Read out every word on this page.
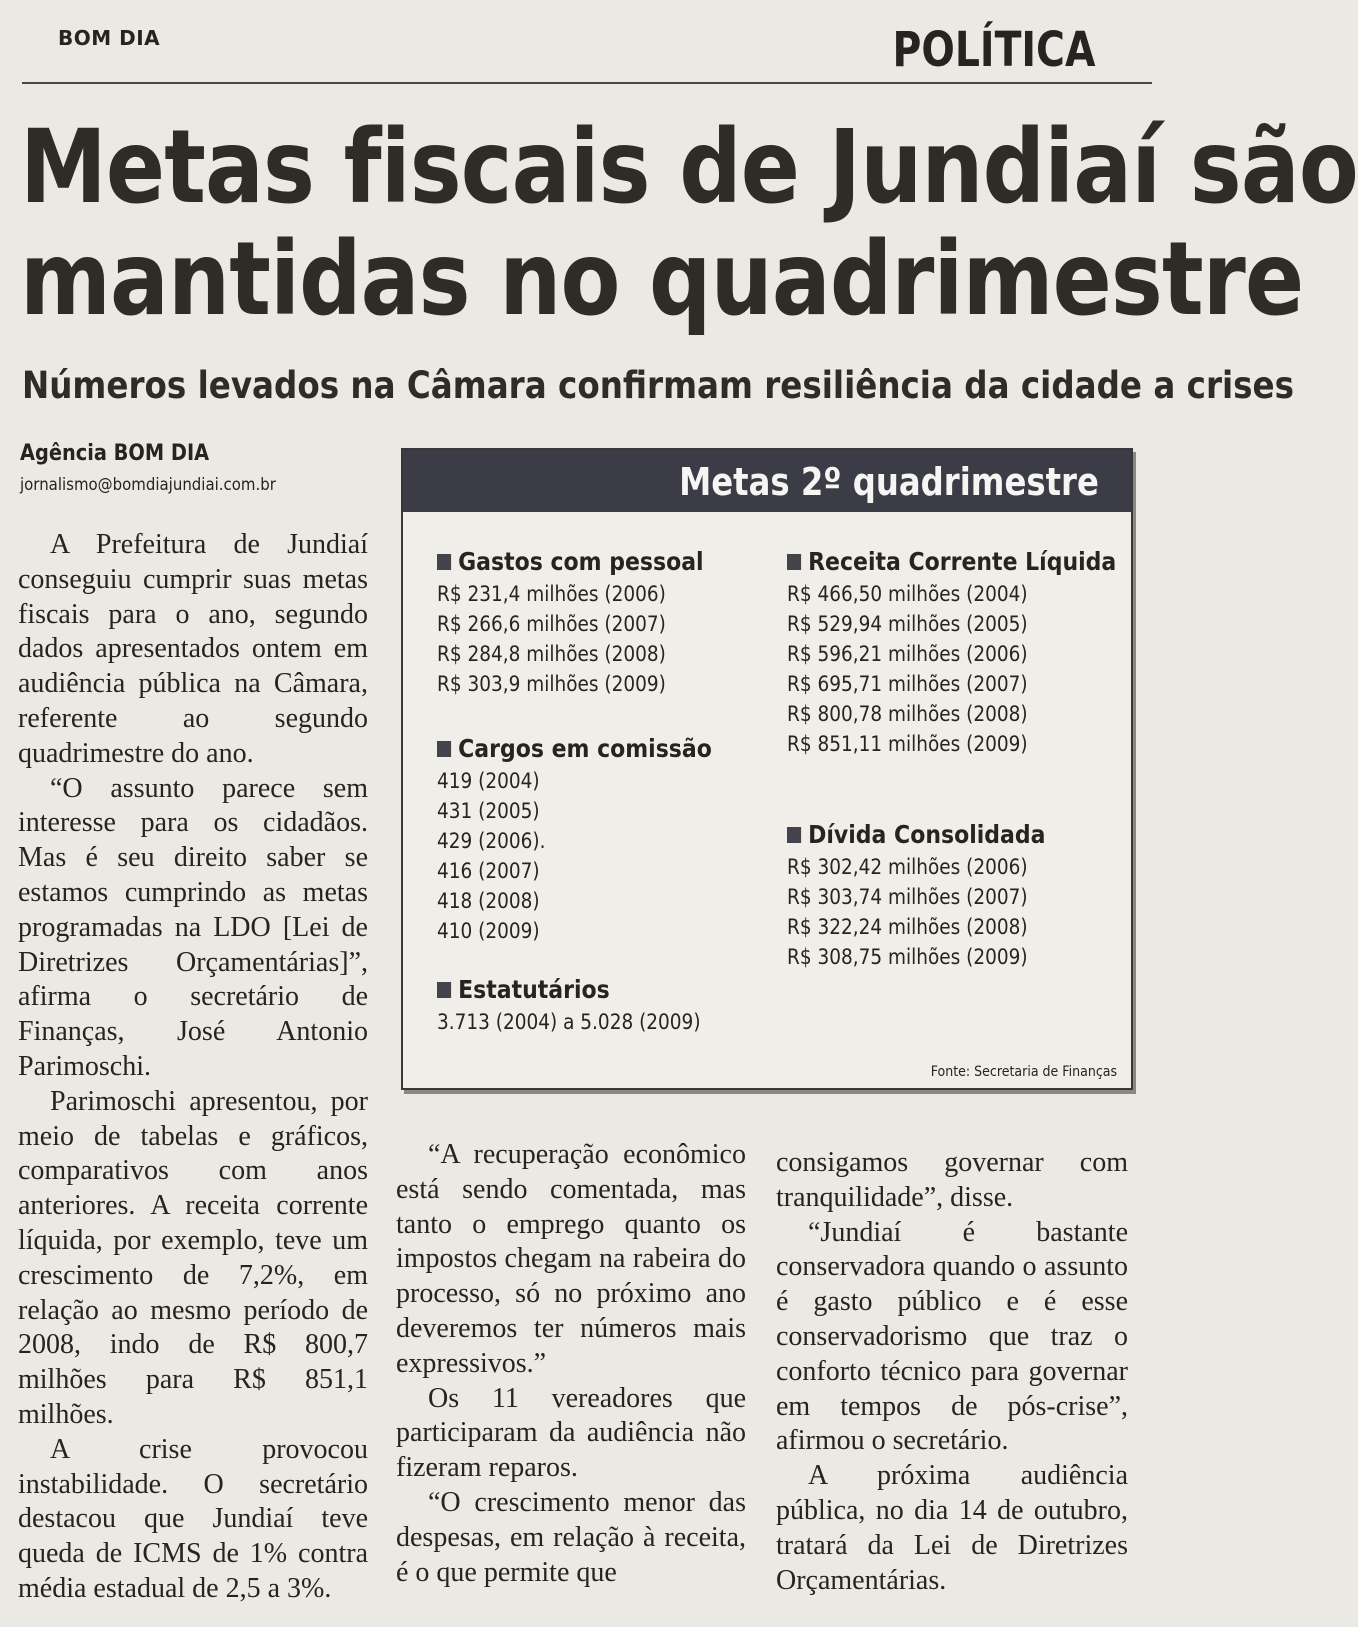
BOM DIA	POLÍTICA
Metas fiscais de Jundiaí são
mantidas no quadrimestre
Números levados na Câmara confirmam resiliência da cidade a crises
Agência BOM DIA
jornalismo@bomdiajundiai.com.br

A Prefeitura de Jundiaí conseguiu cumprir suas metas fiscais para o ano, segundo dados apresentados ontem em audiência pública na Câmara, referente ao segundo quadrimestre do ano.

“O assunto parece sem interesse para os cidadãos. Mas é seu direito saber se estamos cumprindo as metas programadas na LDO [Lei de Diretrizes Orçamentárias]”, afirma o secretário de Finanças, José Antonio Parimoschi.

Parimoschi apresentou, por meio de tabelas e gráficos, comparativos com anos anteriores. A receita corrente líquida, por exemplo, teve um crescimento de 7,2%, em relação ao mesmo período de 2008, indo de R$ 800,7 milhões para R$ 851,1 milhões.

A crise provocou instabilidade. O secretário destacou que Jundiaí teve queda de ICMS de 1% contra média estadual de 2,5 a 3%.

“A recuperação econômico está sendo comentada, mas tanto o emprego quanto os impostos chegam na rabeira do processo, só no próximo ano deveremos ter números mais expressivos.”

Os 11 vereadores que participaram da audiência não fizeram reparos.

“O crescimento menor das despesas, em relação à receita, é o que permite que

consigamos governar com tranquilidade”, disse.

“Jundiaí é bastante conservadora quando o assunto é gasto público e é esse conservadorismo que traz o conforto técnico para governar em tempos de pós-crise”, afirmou o secretário.

A próxima audiência pública, no dia 14 de outubro, tratará da Lei de Diretrizes Orçamentárias.

Metas 2º quadrimestre
Gastos com pessoal
R$ 231,4 milhões (2006)
R$ 266,6 milhões (2007)
R$ 284,8 milhões (2008)
R$ 303,9 milhões (2009)
Cargos em comissão
419 (2004)
431 (2005)
429 (2006).
416 (2007)
418 (2008)
410 (2009)
Estatutários
3.713 (2004) a 5.028 (2009)
Receita Corrente Líquida
R$ 466,50 milhões (2004)
R$ 529,94 milhões (2005)
R$ 596,21 milhões (2006)
R$ 695,71 milhões (2007)
R$ 800,78 milhões (2008)
R$ 851,11 milhões (2009)
Dívida Consolidada
R$ 302,42 milhões (2006)
R$ 303,74 milhões (2007)
R$ 322,24 milhões (2008)
R$ 308,75 milhões (2009)
Fonte: Secretaria de Finanças
